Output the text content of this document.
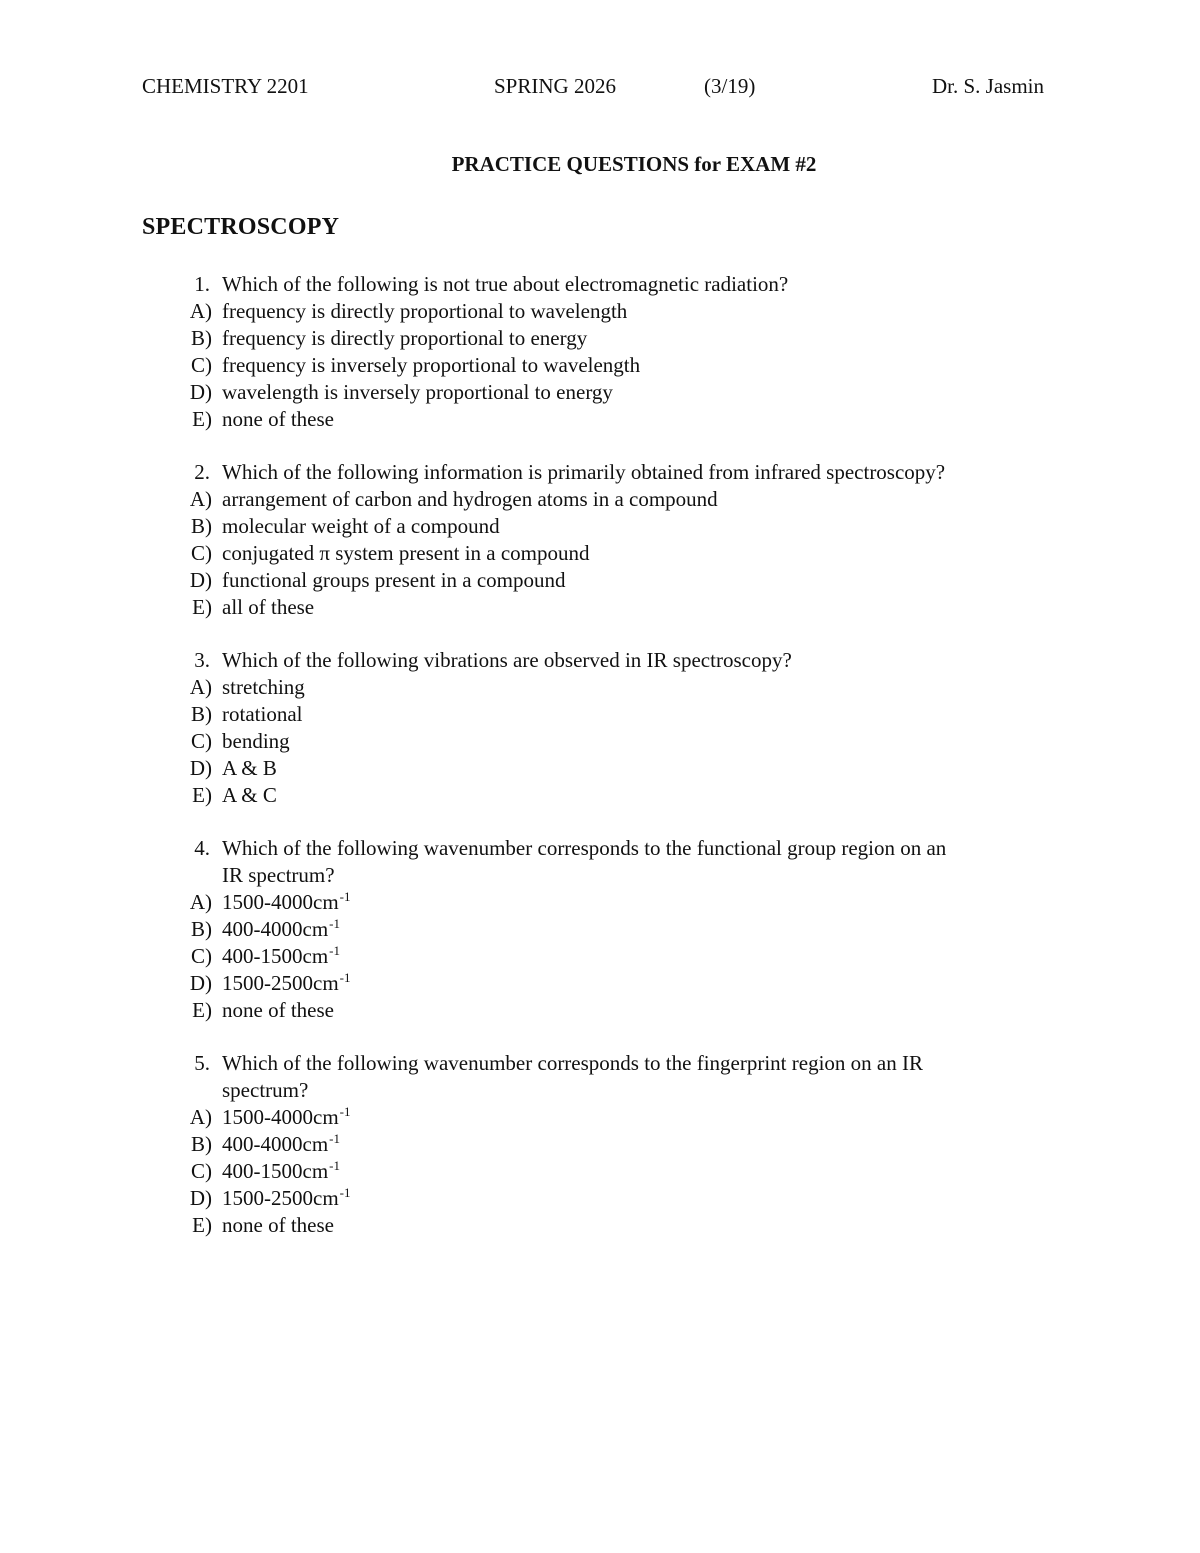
CHEMISTRY 2201	SPRING 2026	(3/19)	Dr. S. Jasmin
PRACTICE QUESTIONS for EXAM #2
SPECTROSCOPY
1. Which of the following is not true about electromagnetic radiation?
A) frequency is directly proportional to wavelength
B) frequency is directly proportional to energy
C) frequency is inversely proportional to wavelength
D) wavelength is inversely proportional to energy
E) none of these
2. Which of the following information is primarily obtained from infrared spectroscopy?
A) arrangement of carbon and hydrogen atoms in a compound
B) molecular weight of a compound
C) conjugated π system present in a compound
D) functional groups present in a compound
E) all of these
3. Which of the following vibrations are observed in IR spectroscopy?
A) stretching
B) rotational
C) bending
D) A & B
E) A & C
4. Which of the following wavenumber corresponds to the functional group region on an
IR spectrum?
A) $1500-4000cm^{-1}$
B) $400-4000cm^{-1}$
C) $400-1500cm^{-1}$
D) $1500-2500cm^{-1}$
E) none of these
5. Which of the following wavenumber corresponds to the fingerprint region on an IR
spectrum?
A) $1500-4000cm^{-1}$
B) $400-4000cm^{-1}$
C) $400-1500cm^{-1}$
D) $1500-2500cm^{-1}$
E) none of these
